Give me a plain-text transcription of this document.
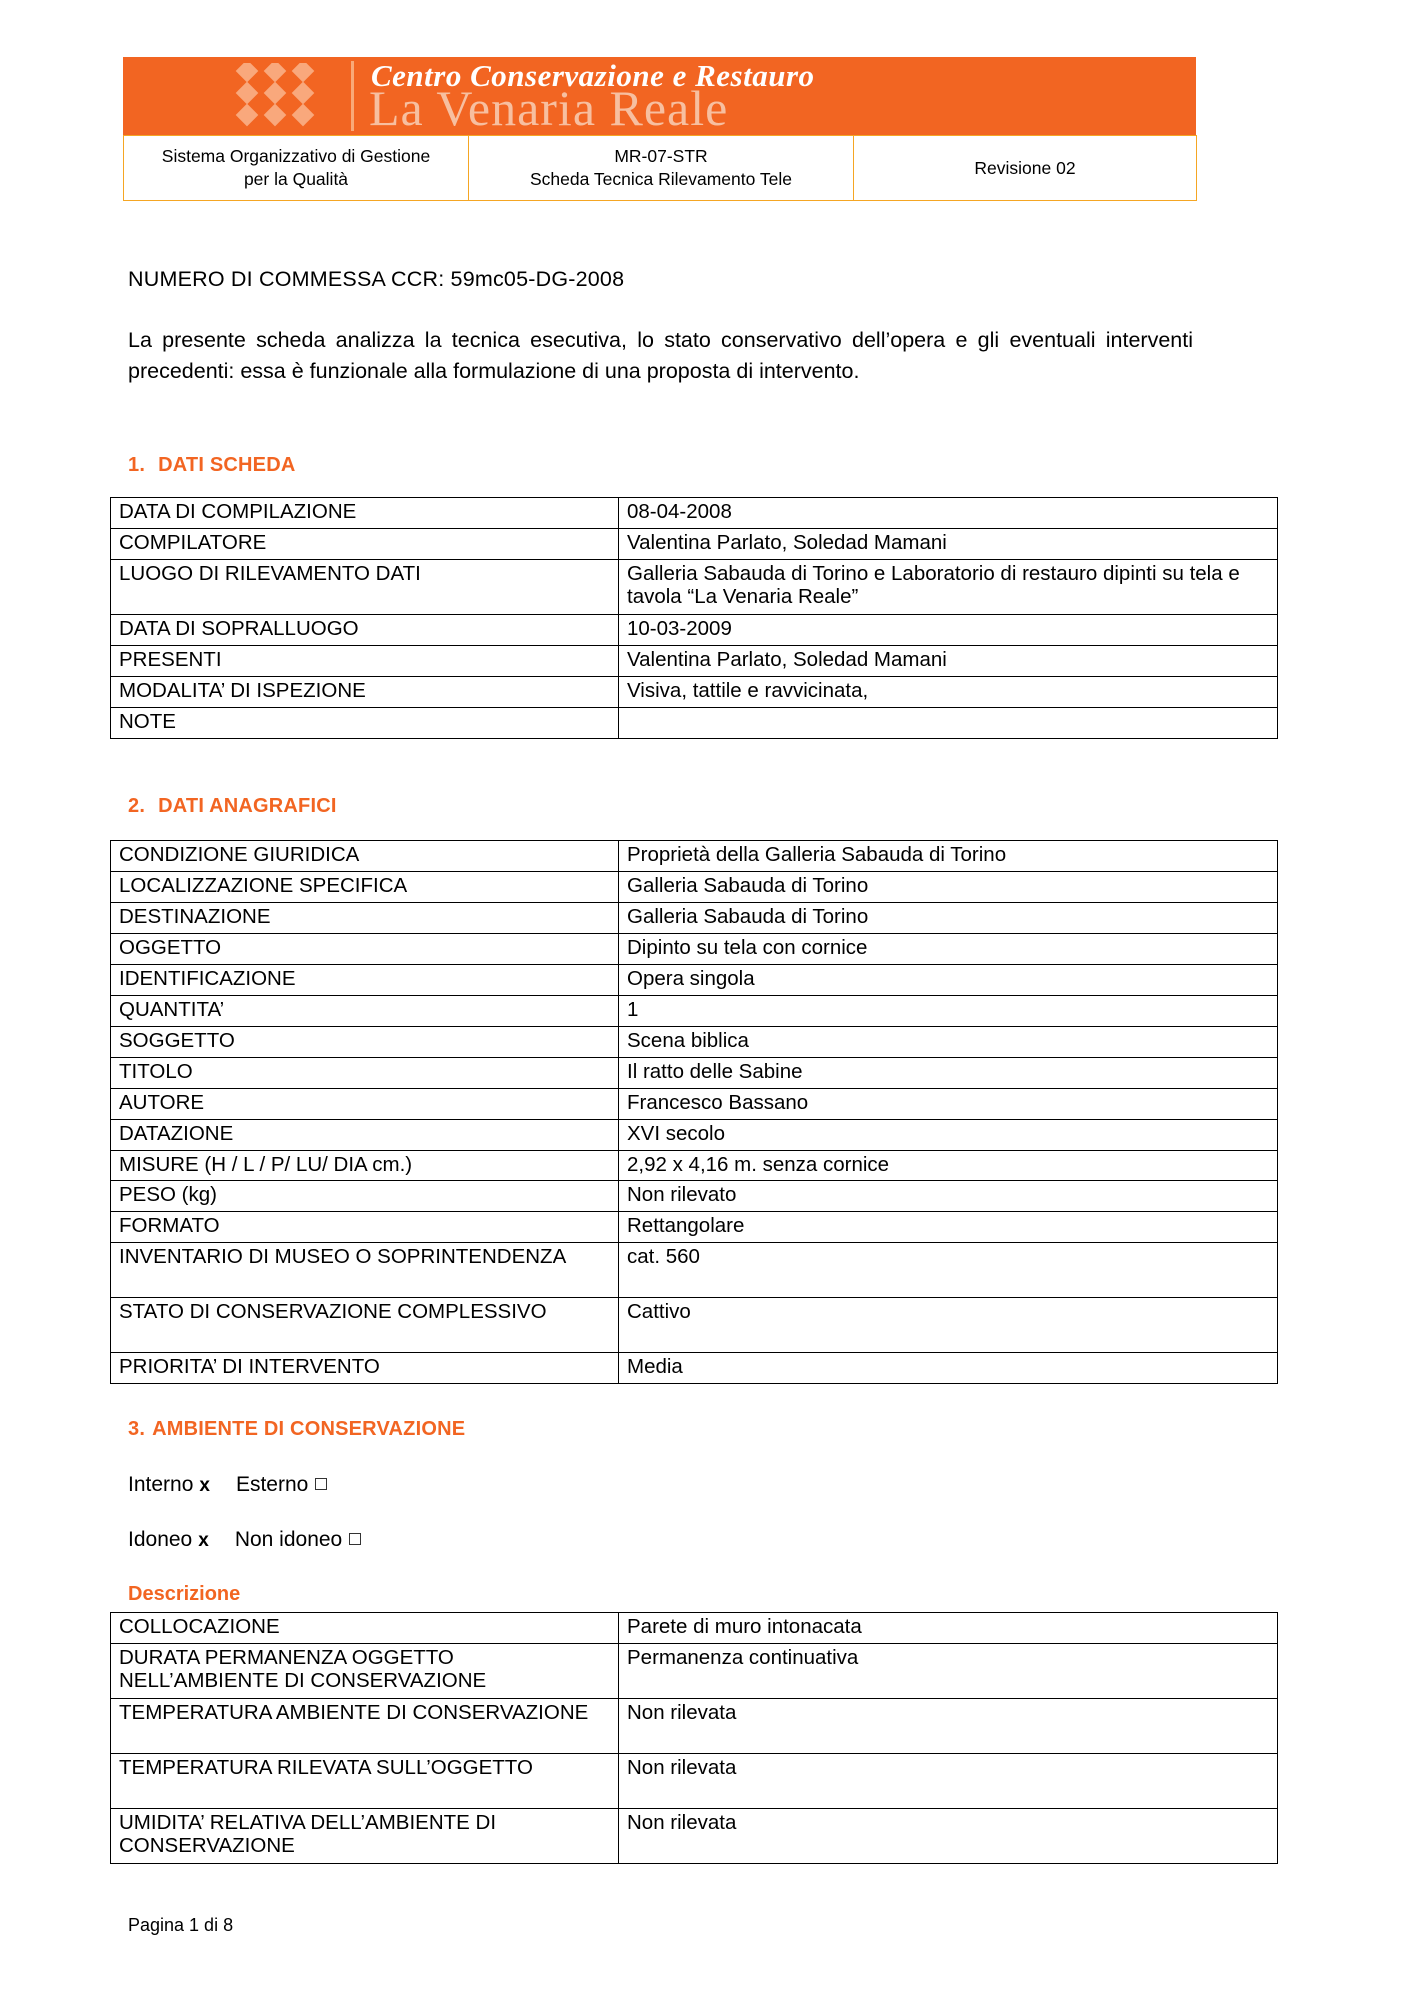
Centro Conservazione e Restauro
La Venaria Reale
Sistema Organizzativo di Gestione
per la Qualità

MR-07-STR
Scheda Tecnica Rilevamento Tele
	Revisione 02
NUMERO DI COMMESSA CCR: 59mc05-DG-2008
La presente scheda analizza la tecnica esecutiva, lo stato conservativo dell’opera e gli eventuali interventi precedenti: essa è funzionale alla formulazione di una proposta di intervento.
1. DATI SCHEDA
DATA DI COMPILAZIONE	08-04-2008
COMPILATORE	Valentina Parlato, Soledad Mamani
LUOGO DI RILEVAMENTO DATI	Galleria Sabauda di Torino e Laboratorio di restauro dipinti su tela e tavola “La Venaria Reale”
DATA DI SOPRALLUOGO	10-03-2009
PRESENTI	Valentina Parlato, Soledad Mamani
MODALITA’ DI ISPEZIONE	Visiva, tattile e ravvicinata,
NOTE	
2. DATI ANAGRAFICI
CONDIZIONE GIURIDICA	Proprietà della Galleria Sabauda di Torino
LOCALIZZAZIONE SPECIFICA	Galleria Sabauda di Torino
DESTINAZIONE	Galleria Sabauda di Torino
OGGETTO	Dipinto su tela con cornice
IDENTIFICAZIONE	Opera singola
QUANTITA’	1
SOGGETTO	Scena biblica
TITOLO	Il ratto delle Sabine
AUTORE	Francesco Bassano
DATAZIONE	XVI secolo
MISURE (H / L / P/ LU/ DIA cm.)	2,92 x 4,16 m. senza cornice
PESO (kg)	Non rilevato
FORMATO	Rettangolare
INVENTARIO DI MUSEO O SOPRINTENDENZA	cat. 560
STATO DI CONSERVAZIONE COMPLESSIVO	Cattivo
PRIORITA’ DI INTERVENTO	Media
3. AMBIENTE DI CONSERVAZIONE
Interno x Esterno
Idoneo x Non idoneo
Descrizione
COLLOCAZIONE	Parete di muro intonacata
DURATA PERMANENZA OGGETTO NELL’AMBIENTE DI CONSERVAZIONE	Permanenza continuativa
TEMPERATURA AMBIENTE DI CONSERVAZIONE	Non rilevata
TEMPERATURA RILEVATA SULL’OGGETTO	Non rilevata
UMIDITA’ RELATIVA DELL’AMBIENTE DI CONSERVAZIONE	Non rilevata
Pagina 1 di 8
